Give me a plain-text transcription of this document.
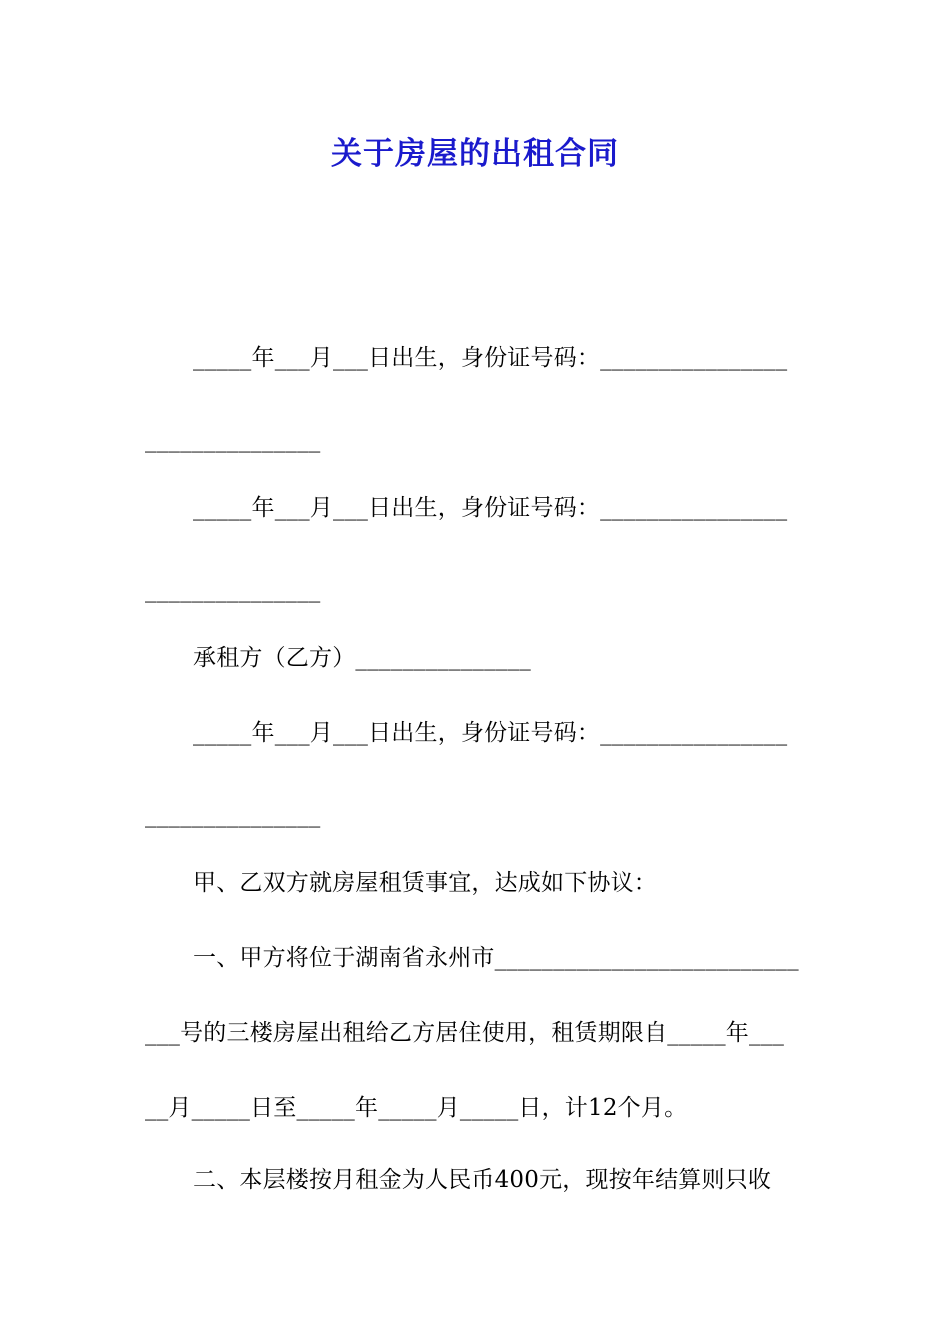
关于房屋的出租合同
_____年___月___日出生，身份证号码：________________
_______________
_____年___月___日出生，身份证号码：________________
_______________
承租方（乙方）_______________
_____年___月___日出生，身份证号码：________________
_______________
甲、乙双方就房屋租赁事宜，达成如下协议：
一、甲方将位于湖南省永州市__________________________
___号的三楼房屋出租给乙方居住使用，租赁期限自_____年___
__月_____日至_____年_____月_____日，计12个月。
二、本层楼按月租金为人民币400元，现按年结算则只收
